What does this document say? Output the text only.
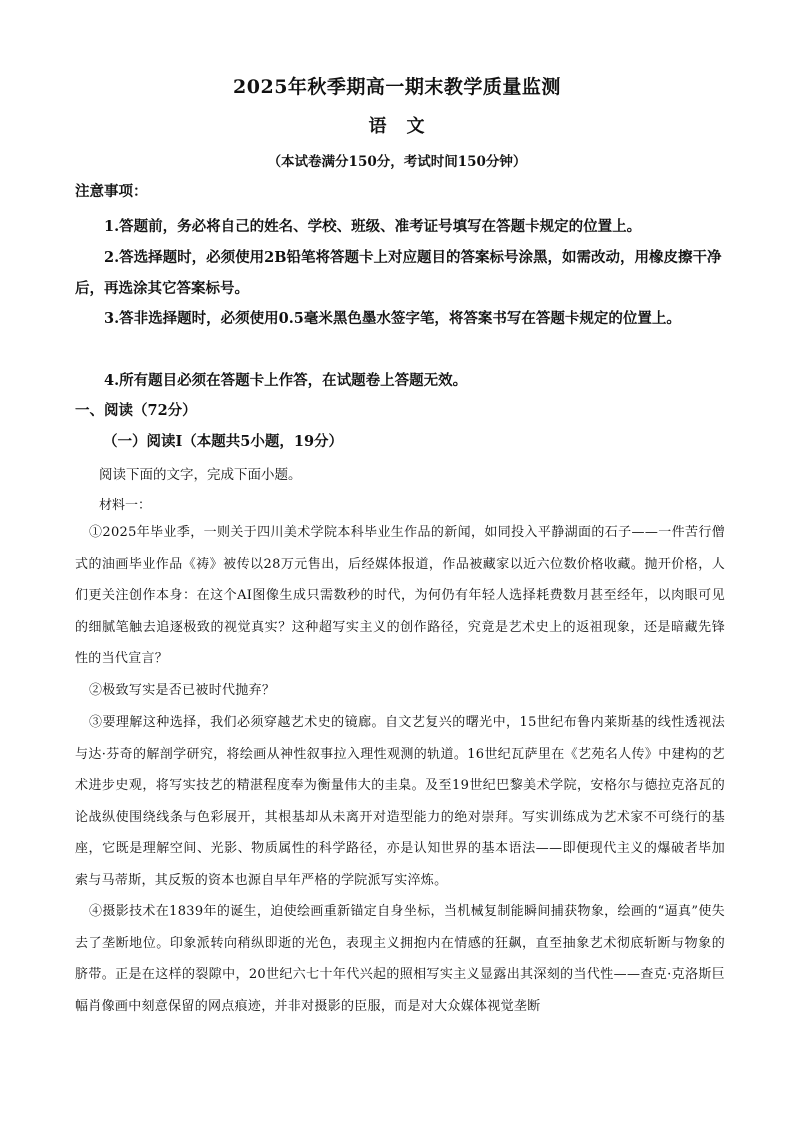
2025年秋季期高一期末教学质量监测
语　文
（本试卷满分150分，考试时间150分钟）
注意事项：
1.答题前，务必将自己的姓名、学校、班级、准考证号填写在答题卡规定的位置上。
2.答选择题时，必须使用2B铅笔将答题卡上对应题目的答案标号涂黑，如需改动，用橡皮擦干净后，再选涂其它答案标号。
3.答非选择题时，必须使用0.5毫米黑色墨水签字笔，将答案书写在答题卡规定的位置上。
4.所有题目必须在答题卡上作答，在试题卷上答题无效。
一、阅读（72分）
（一）阅读Ⅰ（本题共5小题，19分）
阅读下面的文字，完成下面小题。
材料一：
①2025年毕业季，一则关于四川美术学院本科毕业生作品的新闻，如同投入平静湖面的石子——一件苦行僧式的油画毕业作品《祷》被传以28万元售出，后经媒体报道，作品被藏家以近六位数价格收藏。抛开价格，人们更关注创作本身：在这个AI图像生成只需数秒的时代，为何仍有年轻人选择耗费数月甚至经年，以肉眼可见的细腻笔触去追逐极致的视觉真实？这种超写实主义的创作路径，究竟是艺术史上的返祖现象，还是暗藏先锋性的当代宣言？
②极致写实是否已被时代抛弃？
③要理解这种选择，我们必须穿越艺术史的镜廊。自文艺复兴的曙光中，15世纪布鲁内莱斯基的线性透视法与达·芬奇的解剖学研究，将绘画从神性叙事拉入理性观测的轨道。16世纪瓦萨里在《艺苑名人传》中建构的艺术进步史观，将写实技艺的精湛程度奉为衡量伟大的圭臬。及至19世纪巴黎美术学院，安格尔与德拉克洛瓦的论战纵使围绕线条与色彩展开，其根基却从未离开对造型能力的绝对崇拜。写实训练成为艺术家不可绕行的基座，它既是理解空间、光影、物质属性的科学路径，亦是认知世界的基本语法——即便现代主义的爆破者毕加索与马蒂斯，其反叛的资本也源自早年严格的学院派写实淬炼。
④摄影技术在1839年的诞生，迫使绘画重新锚定自身坐标，当机械复制能瞬间捕获物象，绘画的“逼真”使失去了垄断地位。印象派转向稍纵即逝的光色，表现主义拥抱内在情感的狂飙，直至抽象艺术彻底斩断与物象的脐带。正是在这样的裂隙中，20世纪六七十年代兴起的照相写实主义显露出其深刻的当代性——查克·克洛斯巨幅肖像画中刻意保留的网点痕迹，并非对摄影的臣服，而是对大众媒体视觉垄断
